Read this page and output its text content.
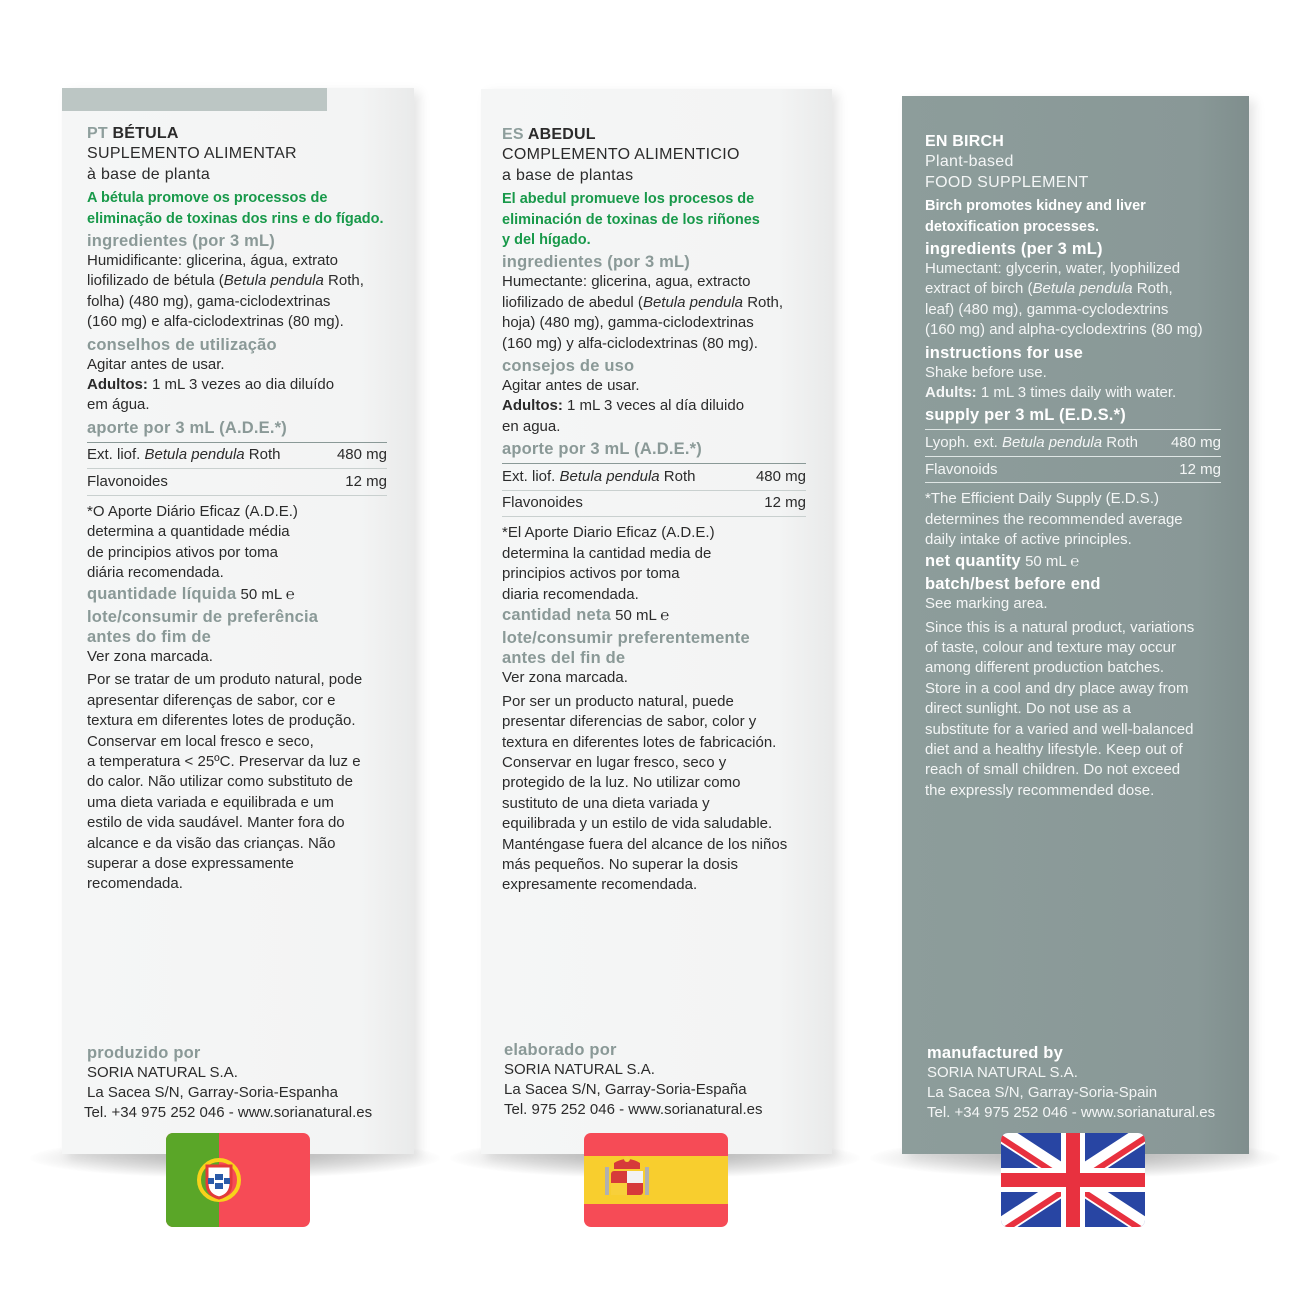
PT BÉTULA
SUPLEMENTO ALIMENTAR
à base de planta
A bétula promove os processos de
eliminação de toxinas dos rins e do fígado.
ingredientes (por 3 mL)
Humidificante: glicerina, água, extrato
liofilizado de bétula (Betula pendula Roth,
folha) (480 mg), gama-ciclodextrinas
(160 mg) e alfa-ciclodextrinas (80 mg).
conselhos de utilização
Agitar antes de usar.
Adultos: 1 mL 3 vezes ao dia diluído
em água.
aporte por 3 mL (A.D.E.*)
Ext. liof. Betula pendula Roth	480 mg
Flavonoides	12 mg
*O Aporte Diário Eficaz (A.D.E.)
determina a quantidade média
de principios ativos por toma
diária recomendada.
quantidade líquida 50 mL ℮
lote/consumir de preferência
antes do fim de
Ver zona marcada.
Por se tratar de um produto natural, pode
apresentar diferenças de sabor, cor e
textura em diferentes lotes de produção.
Conservar em local fresco e seco,
a temperatura < 25ºC. Preservar da luz e
do calor. Não utilizar como substituto de
uma dieta variada e equilibrada e um
estilo de vida saudável. Manter fora do
alcance e da visão das crianças. Não
superar a dose expressamente
recomendada.
produzido por
SORIA NATURAL S.A.
La Sacea S/N, Garray-Soria-Espanha
Tel. +34 975 252 046 - www.sorianatural.es
ES ABEDUL
COMPLEMENTO ALIMENTICIO
a base de plantas
El abedul promueve los procesos de
eliminación de toxinas de los riñones
y del hígado.
ingredientes (por 3 mL)
Humectante: glicerina, agua, extracto
liofilizado de abedul (Betula pendula Roth,
hoja) (480 mg), gamma-ciclodextrinas
(160 mg) y alfa-ciclodextrinas (80 mg).
consejos de uso
Agitar antes de usar.
Adultos: 1 mL 3 veces al día diluido
en agua.
aporte por 3 mL (A.D.E.*)
Ext. liof. Betula pendula Roth	480 mg
Flavonoides	12 mg
*El Aporte Diario Eficaz (A.D.E.)
determina la cantidad media de
principios activos por toma
diaria recomendada.
cantidad neta 50 mL ℮
lote/consumir preferentemente
antes del fin de
Ver zona marcada.
Por ser un producto natural, puede
presentar diferencias de sabor, color y
textura en diferentes lotes de fabricación.
Conservar en lugar fresco, seco y
protegido de la luz. No utilizar como
sustituto de una dieta variada y
equilibrada y un estilo de vida saludable.
Manténgase fuera del alcance de los niños
más pequeños. No superar la dosis
expresamente recomendada.
elaborado por
SORIA NATURAL S.A.
La Sacea S/N, Garray-Soria-España
Tel. 975 252 046 - www.sorianatural.es
EN BIRCH
Plant-based
FOOD SUPPLEMENT
Birch promotes kidney and liver
detoxification processes.
ingredients (per 3 mL)
Humectant: glycerin, water, lyophilized
extract of birch (Betula pendula Roth,
leaf) (480 mg), gamma-cyclodextrins
(160 mg) and alpha-cyclodextrins (80 mg)
instructions for use
Shake before use.
Adults: 1 mL 3 times daily with water.
supply per 3 mL (E.D.S.*)
Lyoph. ext. Betula pendula Roth 480 mg
Flavonoids	12 mg
*The Efficient Daily Supply (E.D.S.)
determines the recommended average
daily intake of active principles.
net quantity 50 mL ℮
batch/best before end
See marking area.
Since this is a natural product, variations
of taste, colour and texture may occur
among different production batches.
Store in a cool and dry place away from
direct sunlight. Do not use as a
substitute for a varied and well-balanced
diet and a healthy lifestyle. Keep out of
reach of small children. Do not exceed
the expressly recommended dose.
manufactured by
SORIA NATURAL S.A.
La Sacea S/N, Garray-Soria-Spain
Tel. +34 975 252 046 - www.sorianatural.es
